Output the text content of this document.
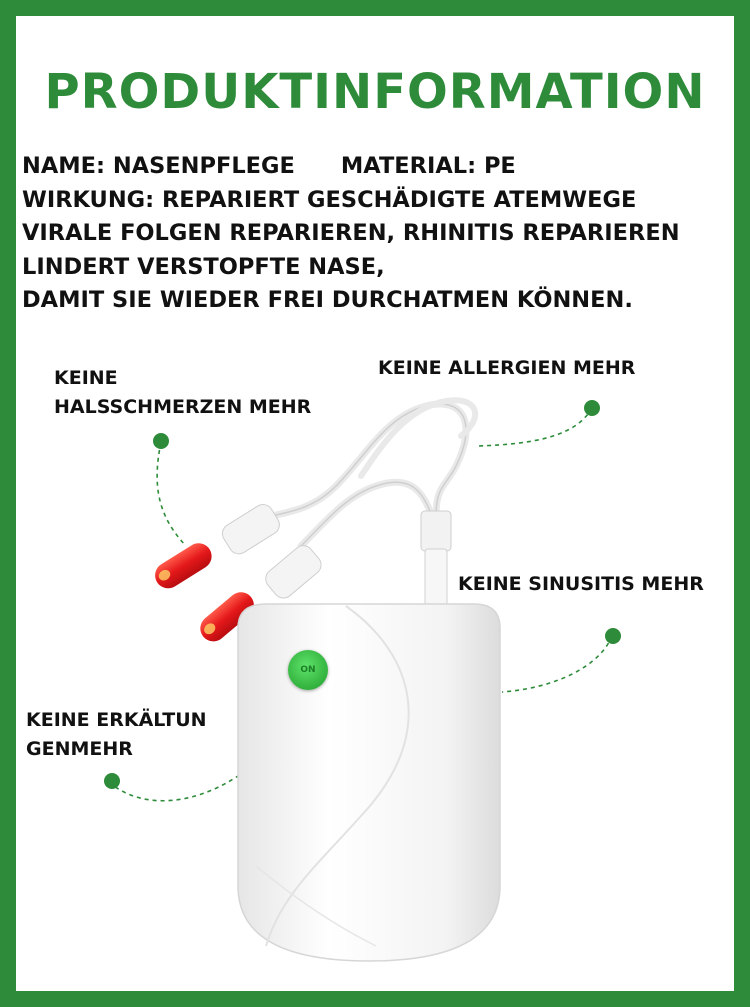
PRODUKTINFORMATION
NAME: NASENPFLEGE MATERIAL: PE
WIRKUNG: REPARIERT GESCHÄDIGTE ATEMWEGE
VIRALE FOLGEN REPARIEREN, RHINITIS REPARIEREN
LINDERT VERSTOPFTE NASE,
DAMIT SIE WIEDER FREI DURCHATMEN KÖNNEN.
ON
KEINE
HALSSCHMERZEN MEHR
KEINE ALLERGIEN MEHR
KEINE SINUSITIS MEHR
KEINE ERKÄLTUN
GENMEHR
